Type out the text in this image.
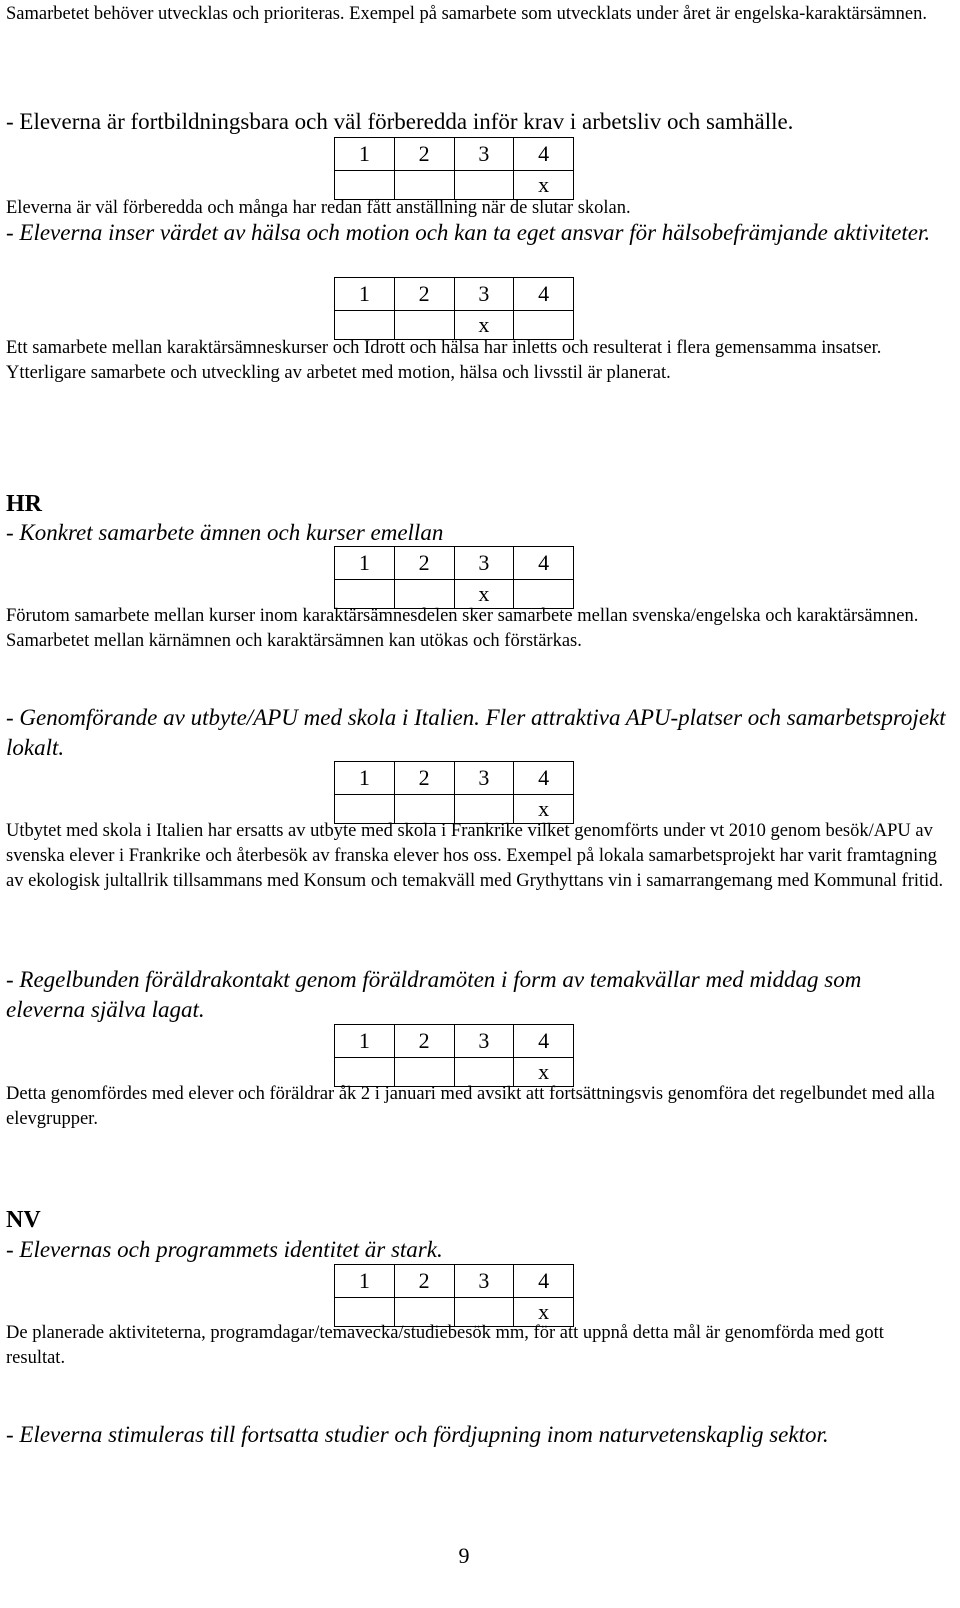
Samarbetet behöver utvecklas och prioriteras. Exempel på samarbete som utvecklats under året är engelska-karaktärsämnen.

- Eleverna är fortbildningsbara och väl förberedda inför krav i arbetsliv och samhälle.

1	2	3	4
			x

Eleverna är väl förberedda och många har redan fått anställning när de slutar skolan.

- Eleverna inser värdet av hälsa och motion och kan ta eget ansvar för hälsobefrämjande aktiviteter.

1	2	3	4
		x	

Ett samarbete mellan karaktärsämneskurser och Idrott och hälsa har inletts och resulterat i flera gemensamma insatser. Ytterligare samarbete och utveckling av arbetet med motion, hälsa och livsstil är planerat.

HR

- Konkret samarbete ämnen och kurser emellan

1	2	3	4
		x	

Förutom samarbete mellan kurser inom karaktärsämnesdelen sker samarbete mellan svenska/engelska och karaktärsämnen. Samarbetet mellan kärnämnen och karaktärsämnen kan utökas och förstärkas.

- Genomförande av utbyte/APU med skola i Italien. Fler attraktiva APU-platser och samarbetsprojekt lokalt.

1	2	3	4
			x

Utbytet med skola i Italien har ersatts av utbyte med skola i Frankrike vilket genomförts under vt 2010 genom besök/APU av svenska elever i Frankrike och återbesök av franska elever hos oss. Exempel på lokala samarbetsprojekt har varit framtagning av ekologisk jultallrik tillsammans med Konsum och temakväll med Grythyttans vin i samarrangemang med Kommunal fritid.

- Regelbunden föräldrakontakt genom föräldramöten i form av temakvällar med middag som eleverna själva lagat.

1	2	3	4
			x

Detta genomfördes med elever och föräldrar åk 2 i januari med avsikt att fortsättningsvis genomföra det regelbundet med alla elevgrupper.

NV

- Elevernas och programmets identitet är stark.

1	2	3	4
			x

De planerade aktiviteterna, programdagar/temavecka/studiebesök mm, för att uppnå detta mål är genomförda med gott resultat.

- Eleverna stimuleras till fortsatta studier och fördjupning inom naturvetenskaplig sektor.

9
